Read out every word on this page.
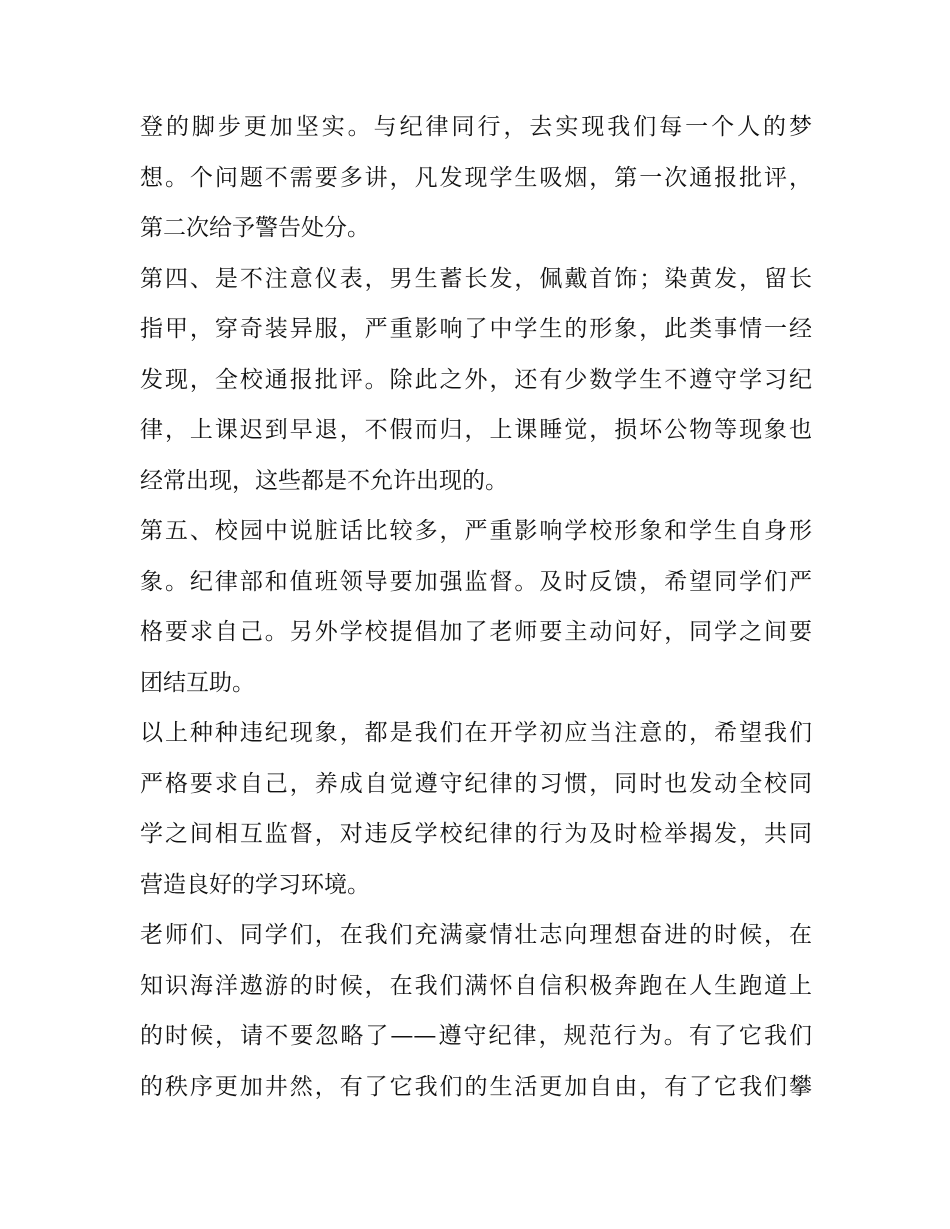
登的脚步更加坚实。与纪律同行，去实现我们每一个人的梦
想。个问题不需要多讲，凡发现学生吸烟，第一次通报批评，
第二次给予警告处分。
第四、是不注意仪表，男生蓄长发，佩戴首饰；染黄发，留长
指甲，穿奇装异服，严重影响了中学生的形象，此类事情一经
发现，全校通报批评。除此之外，还有少数学生不遵守学习纪
律，上课迟到早退，不假而归，上课睡觉，损坏公物等现象也
经常出现，这些都是不允许出现的。
第五、校园中说脏话比较多，严重影响学校形象和学生自身形
象。纪律部和值班领导要加强监督。及时反馈，希望同学们严
格要求自己。另外学校提倡加了老师要主动问好，同学之间要
团结互助。
以上种种违纪现象，都是我们在开学初应当注意的，希望我们
严格要求自己，养成自觉遵守纪律的习惯，同时也发动全校同
学之间相互监督，对违反学校纪律的行为及时检举揭发，共同
营造良好的学习环境。
老师们、同学们，在我们充满豪情壮志向理想奋进的时候，在
知识海洋遨游的时候，在我们满怀自信积极奔跑在人生跑道上
的时候，请不要忽略了——遵守纪律，规范行为。有了它我们
的秩序更加井然，有了它我们的生活更加自由，有了它我们攀
